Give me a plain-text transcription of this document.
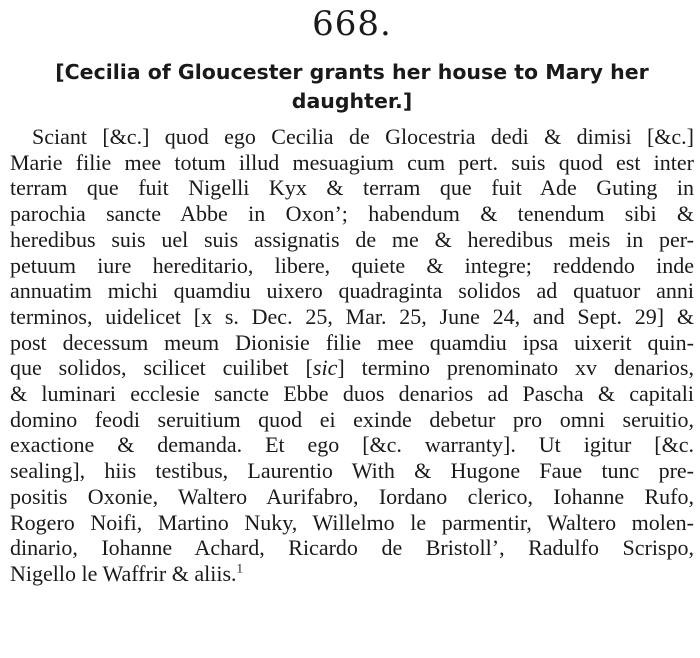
668.
[Cecilia of Gloucester grants her house to Mary her
daughter.]
Sciant [&c.] quod ego Cecilia de Glocestria dedi & dimisi [&c.]
Marie filie mee totum illud mesuagium cum pert. suis quod est inter
terram que fuit Nigelli Kyx & terram que fuit Ade Guting in
parochia sancte Abbe in Oxon’; habendum & tenendum sibi &
heredibus suis uel suis assignatis de me & heredibus meis in per-
petuum iure hereditario, libere, quiete & integre; reddendo inde
annuatim michi quamdiu uixero quadraginta solidos ad quatuor anni
terminos, uidelicet [x s. Dec. 25, Mar. 25, June 24, and Sept. 29] &
post decessum meum Dionisie filie mee quamdiu ipsa uixerit quin-
que solidos, scilicet cuilibet [sic] termino prenominato xv denarios,
& luminari ecclesie sancte Ebbe duos denarios ad Pascha & capitali
domino feodi seruitium quod ei exinde debetur pro omni seruitio,
exactione & demanda. Et ego [&c. warranty]. Ut igitur [&c.
sealing], hiis testibus, Laurentio With & Hugone Faue tunc pre-
positis Oxonie, Waltero Aurifabro, Iordano clerico, Iohanne Rufo,
Rogero Noifi, Martino Nuky, Willelmo le parmentir, Waltero molen-
dinario, Iohanne Achard, Ricardo de Bristoll’, Radulfo Scrispo,
Nigello le Waffrir & aliis.$^1$
